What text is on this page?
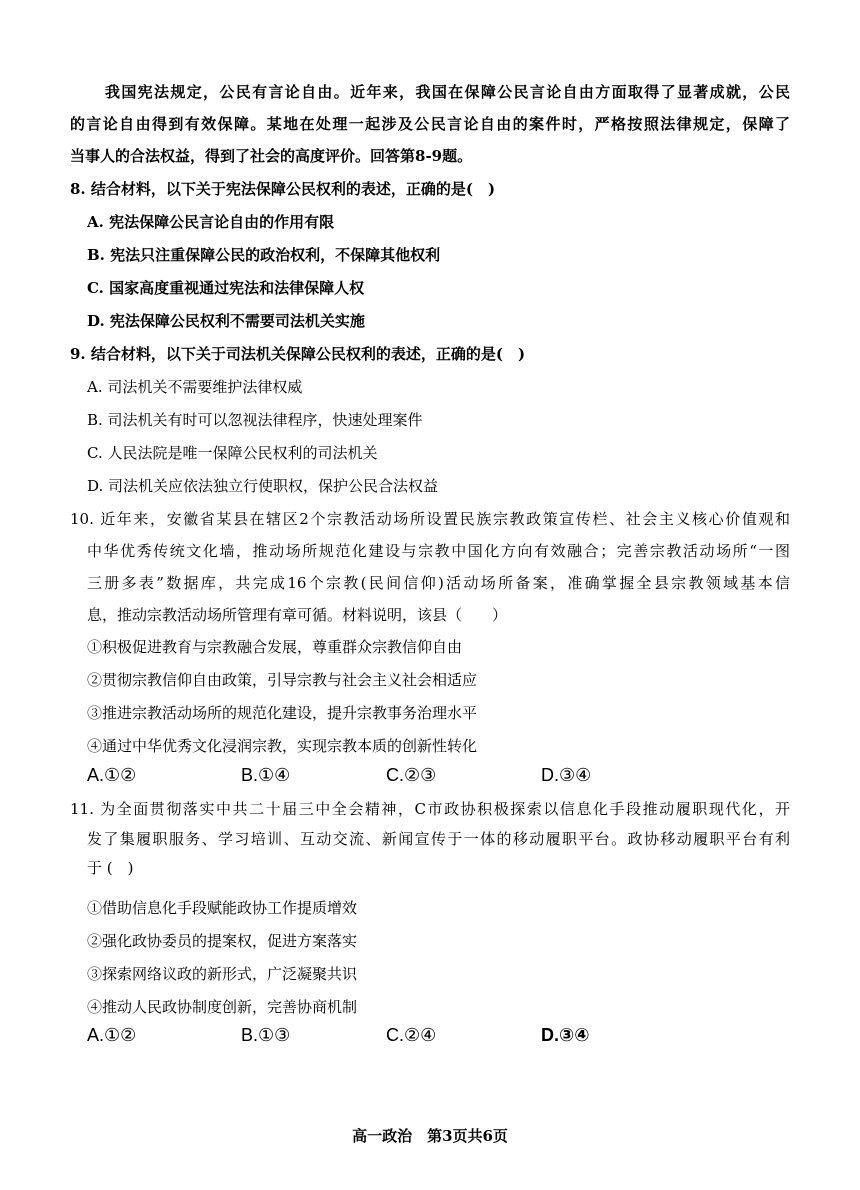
我国宪法规定，公民有言论自由。近年来，我国在保障公民言论自由方面取得了显著成就，公民
的言论自由得到有效保障。某地在处理一起涉及公民言论自由的案件时，严格按照法律规定，保障了
当事人的合法权益，得到了社会的高度评价。回答第8-9题。
8. 结合材料，以下关于宪法保障公民权利的表述，正确的是(　)
A. 宪法保障公民言论自由的作用有限
B. 宪法只注重保障公民的政治权利，不保障其他权利
C. 国家高度重视通过宪法和法律保障人权
D. 宪法保障公民权利不需要司法机关实施
9. 结合材料，以下关于司法机关保障公民权利的表述，正确的是(　)
A. 司法机关不需要维护法律权威
B. 司法机关有时可以忽视法律程序，快速处理案件
C. 人民法院是唯一保障公民权利的司法机关
D. 司法机关应依法独立行使职权，保护公民合法权益
10. 近年来，安徽省某县在辖区2个宗教活动场所设置民族宗教政策宣传栏、社会主义核心价值观和
中华优秀传统文化墙，推动场所规范化建设与宗教中国化方向有效融合；完善宗教活动场所“一图
三册多表”数据库，共完成16个宗教(民间信仰)活动场所备案，准确掌握全县宗教领域基本信
息，推动宗教活动场所管理有章可循。材料说明，该县（　　）
①积极促进教育与宗教融合发展，尊重群众宗教信仰自由
②贯彻宗教信仰自由政策，引导宗教与社会主义社会相适应
③推进宗教活动场所的规范化建设，提升宗教事务治理水平
④通过中华优秀文化浸润宗教，实现宗教本质的创新性转化
A.①②	B.①④	C.②③	D.③④
11. 为全面贯彻落实中共二十届三中全会精神，C市政协积极探索以信息化手段推动履职现代化，开
发了集履职服务、学习培训、互动交流、新闻宣传于一体的移动履职平台。政协移动履职平台有利
于 (　)
①借助信息化手段赋能政协工作提质增效
②强化政协委员的提案权，促进方案落实
③探索网络议政的新形式，广泛凝聚共识
④推动人民政协制度创新，完善协商机制
A.①②	B.①③	C.②④	D.③④
高一政治　第3页共6页
